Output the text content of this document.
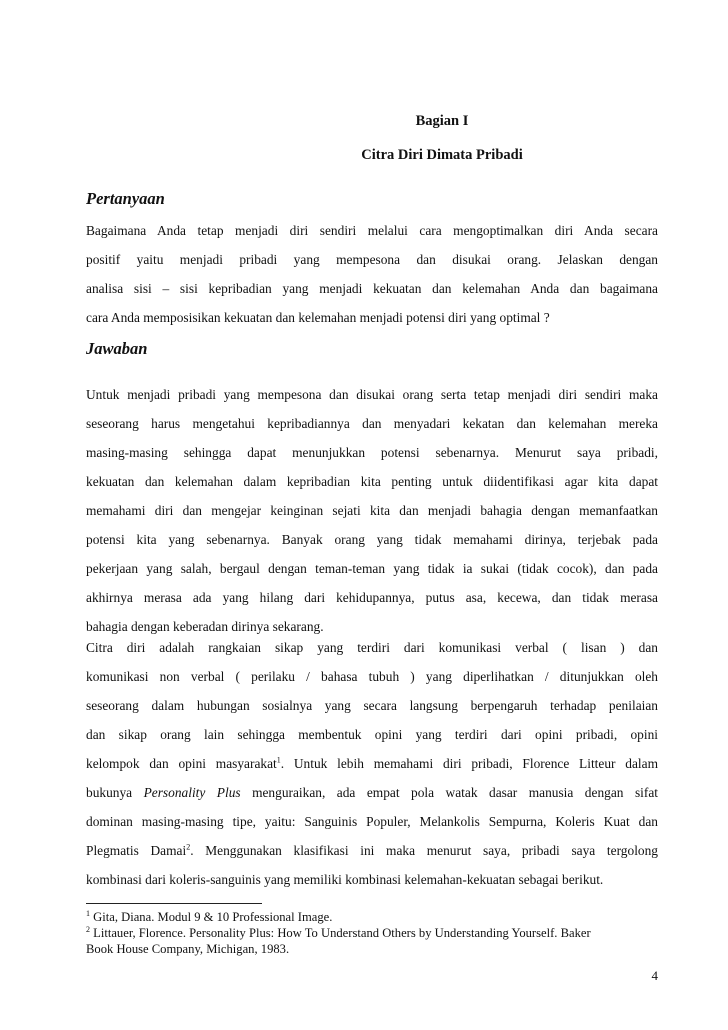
Bagian I
Citra Diri Dimata Pribadi
Pertanyaan
Bagaimana Anda tetap menjadi diri sendiri melalui cara mengoptimalkan diri Anda secara
positif yaitu menjadi pribadi yang mempesona dan disukai orang. Jelaskan dengan
analisa sisi – sisi kepribadian yang menjadi kekuatan dan kelemahan Anda dan bagaimana
cara Anda memposisikan kekuatan dan kelemahan menjadi potensi diri yang optimal ?
Jawaban
Untuk menjadi pribadi yang mempesona dan disukai orang serta tetap menjadi diri sendiri maka
seseorang harus mengetahui kepribadiannya dan menyadari kekatan dan kelemahan mereka
masing-masing sehingga dapat menunjukkan potensi sebenarnya. Menurut saya pribadi,
kekuatan dan kelemahan dalam kepribadian kita penting untuk diidentifikasi agar kita dapat
memahami diri dan mengejar keinginan sejati kita dan menjadi bahagia dengan memanfaatkan
potensi kita yang sebenarnya. Banyak orang yang tidak memahami dirinya, terjebak pada
pekerjaan yang salah, bergaul dengan teman-teman yang tidak ia sukai (tidak cocok), dan pada
akhirnya merasa ada yang hilang dari kehidupannya, putus asa, kecewa, dan tidak merasa
bahagia dengan keberadan dirinya sekarang.
Citra diri adalah rangkaian sikap yang terdiri dari komunikasi verbal ( lisan ) dan
komunikasi non verbal ( perilaku / bahasa tubuh ) yang diperlihatkan / ditunjukkan oleh
seseorang dalam hubungan sosialnya yang secara langsung berpengaruh terhadap penilaian
dan sikap orang lain sehingga membentuk opini yang terdiri dari opini pribadi, opini
kelompok dan opini masyarakat$^1$. Untuk lebih memahami diri pribadi, Florence Litteur dalam
bukunya Personality Plus menguraikan, ada empat pola watak dasar manusia dengan sifat
dominan masing-masing tipe, yaitu: Sanguinis Populer, Melankolis Sempurna, Koleris Kuat dan
Plegmatis Damai$^2$. Menggunakan klasifikasi ini maka menurut saya, pribadi saya tergolong
kombinasi dari koleris-sanguinis yang memiliki kombinasi kelemahan-kekuatan sebagai berikut.
$^1$ Gita, Diana. Modul 9 & 10 Professional Image.
$^2$ Littauer, Florence. Personality Plus: How To Understand Others by Understanding Yourself. Baker
Book House Company, Michigan, 1983.
4
